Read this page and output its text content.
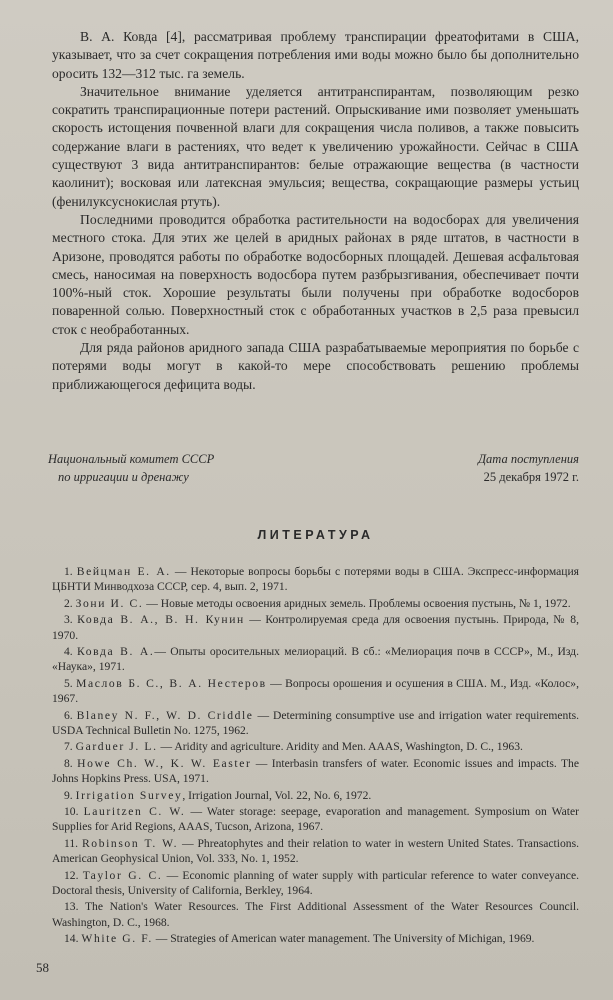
В. А. Ковда [4], рассматривая проблему транспирации фреатофитами в США, указывает, что за счет сокращения потребления ими воды можно было бы дополнительно оросить 132—312 тыс. га земель.

Значительное внимание уделяется антитранспирантам, позволяющим резко сократить транспирационные потери растений. Опрыскивание ими позволяет уменьшать скорость истощения почвенной влаги для сокращения числа поливов, а также повысить содержание влаги в растениях, что ведет к увеличению урожайности. Сейчас в США существуют 3 вида антитранспирантов: белые отражающие вещества (в частности каолинит); восковая или латексная эмульсия; вещества, сокращающие размеры устьиц (фенилуксуснокислая ртуть).

Последними проводится обработка растительности на водосборах для увеличения местного стока. Для этих же целей в аридных районах в ряде штатов, в частности в Аризоне, проводятся работы по обработке водосборных площадей. Дешевая асфальтовая смесь, наносимая на поверхность водосбора путем разбрызгивания, обеспечивает почти 100%-ный сток. Хорошие результаты были получены при обработке водосборов поваренной солью. Поверхностный сток с обработанных участков в 2,5 раза превысил сток с необработанных.

Для ряда районов аридного запада США разрабатываемые мероприятия по борьбе с потерями воды могут в какой-то мере способствовать решению проблемы приближающегося дефицита воды.

Национальный комитет СССР
по ирригации и дренажу
Дата поступления
25 декабря 1972 г.
ЛИТЕРАТУРА

1. Вейцман Е. А. — Некоторые вопросы борьбы с потерями воды в США. Экспресс-информация ЦБНТИ Минводхоза СССР, сер. 4, вып. 2, 1971.

2. Зони И. С. — Новые методы освоения аридных земель. Проблемы освоения пустынь, № 1, 1972.

3. Ковда В. А., В. Н. Кунин — Контролируемая среда для освоения пустынь. Природа, № 8, 1970.

4. Ковда В. А.— Опыты оросительных мелиораций. В сб.: «Мелиорация почв в СССР», М., Изд. «Наука», 1971.

5. Маслов Б. С., В. А. Нестеров — Вопросы орошения и осушения в США. М., Изд. «Колос», 1967.

6. Blaney N. F., W. D. Criddle — Determining consumptive use and irrigation water requirements. USDA Technical Bulletin No. 1275, 1962.

7. Garduer J. L. — Aridity and agriculture. Aridity and Men. AAAS, Washington, D. C., 1963.

8. Howe Ch. W., K. W. Easter — Interbasin transfers of water. Economic issues and impacts. The Johns Hopkins Press. USA, 1971.

9. Irrigation Survey, Irrigation Journal, Vol. 22, No. 6, 1972.

10. Lauritzen C. W. — Water storage: seepage, evaporation and management. Symposium on Water Supplies for Arid Regions, AAAS, Tucson, Arizona, 1967.

11. Robinson T. W. — Phreatophytes and their relation to water in western United States. Transactions. American Geophysical Union, Vol. 333, No. 1, 1952.

12. Taylor G. C. — Economic planning of water supply with particular reference to water conveyance. Doctoral thesis, University of California, Berkley, 1964.

13. The Nation's Water Resources. The First Additional Assessment of the Water Resources Council. Washington, D. C., 1968.

14. White G. F. — Strategies of American water management. The University of Michigan, 1969.

58
